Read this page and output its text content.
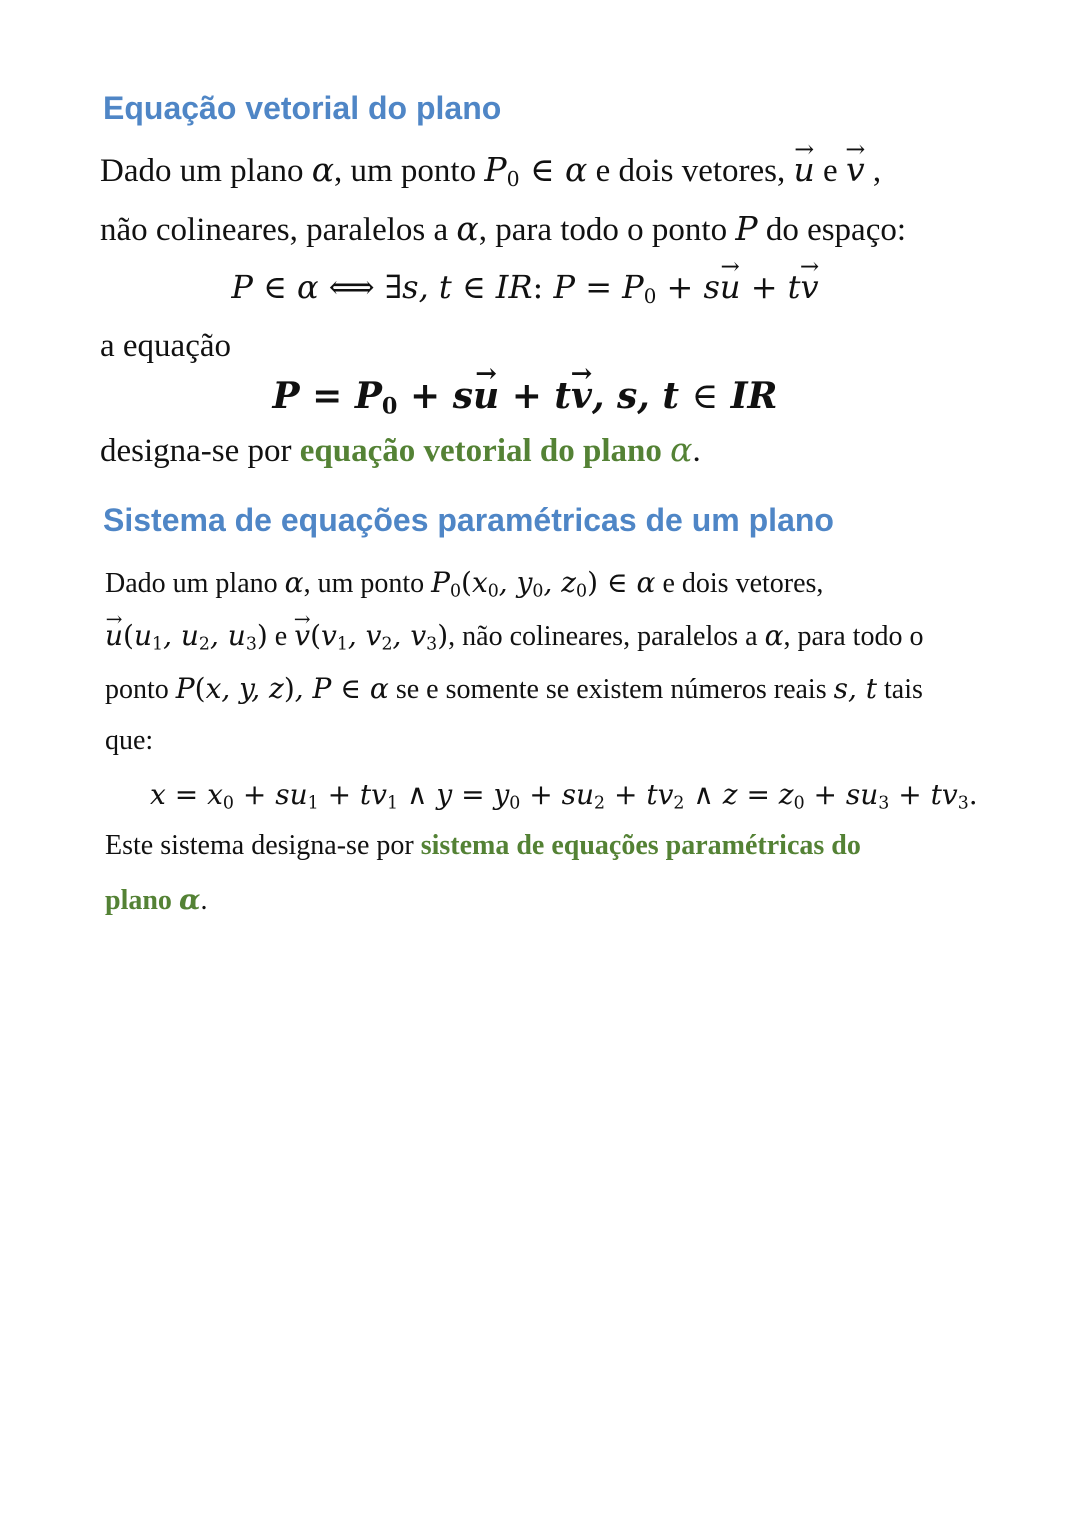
Equação vetorial do plano
Dado um plano α, um ponto $P_0$ ∈ α e dois vetores, → u e → v ,
não colineares, paralelos a α, para todo o ponto P do espaço:
P ∈ α ⟺ ∃s, t ∈ IR: $P = P_0 + s\to u + t\to v$
a equação
$P = P_0 + s\to u + t\to v$, s, t ∈ IR
designa-se por equação vetorial do plano α.
Sistema de equações paramétricas de um plano
Dado um plano α, um ponto $P_0(x_0$, $y_0$, $z_0$) ∈ α e dois vetores,
→ $u(u_1$, $u_2$, $u_3$) $e \to v(v_1$, $v_2$, $v_3$), não colineares, paralelos a α, para todo o
ponto P(x, y, z), P ∈ α se e somente se existem números reais s, t tais
que:
$x = x_0 + su_1 + tv_1$ ∧ $y = y_0 + su_2 + tv_2$ ∧ $z = z_0 + su_3 + tv_3$.
Este sistema designa-se por sistema de equações paramétricas do
plano α.
